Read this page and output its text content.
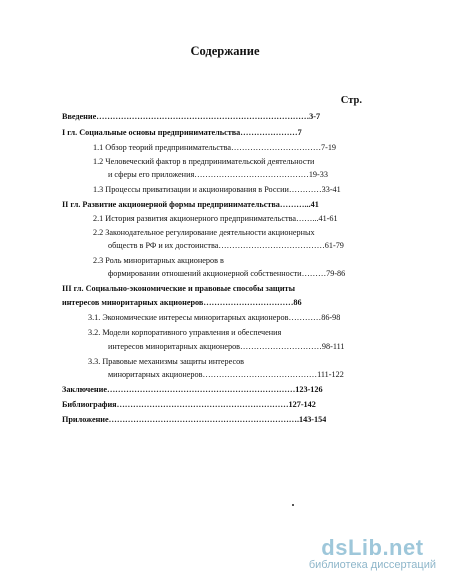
Содержание
Стр.
Введение……………………………………………………………………3-7
I гл. Социальные основы предпринимательства…………………7
1.1 Обзор теорий предпринимательства……………………………7-19
1.2 Человеческий фактор в предпринимательской деятельности
и сферы его приложения……………………………………19-33
1.3 Процессы приватизации и акционирования в России…………33-41
II гл. Развитие акционерной формы предпринимательства………...41
2.1 История развития акционерного предпринимательства……...41-61
2.2 Законодательное регулирование деятельности акционерных
обществ в РФ и их достоинства…………………………………61-79
2.3 Роль миноритарных акционеров в
формировании отношений акционерной собственности………79-86
III гл. Социально-экономические и правовые способы защиты
интересов миноритарных акционеров……………………………86
3.1. Экономические интересы миноритарных акционеров…………86-98
3.2. Модели корпоративного управления и обеспечения
интересов миноритарных акционеров…………………………98-111
3.3. Правовые механизмы защиты интересов
миноритарных акционеров……………………………………111-122
Заключение……………………………………………………………123-126
Библиография………………………………………………………127-142
Приложение…………………………………………………………….143-154
dsLib.net
библиотека диссертаций
